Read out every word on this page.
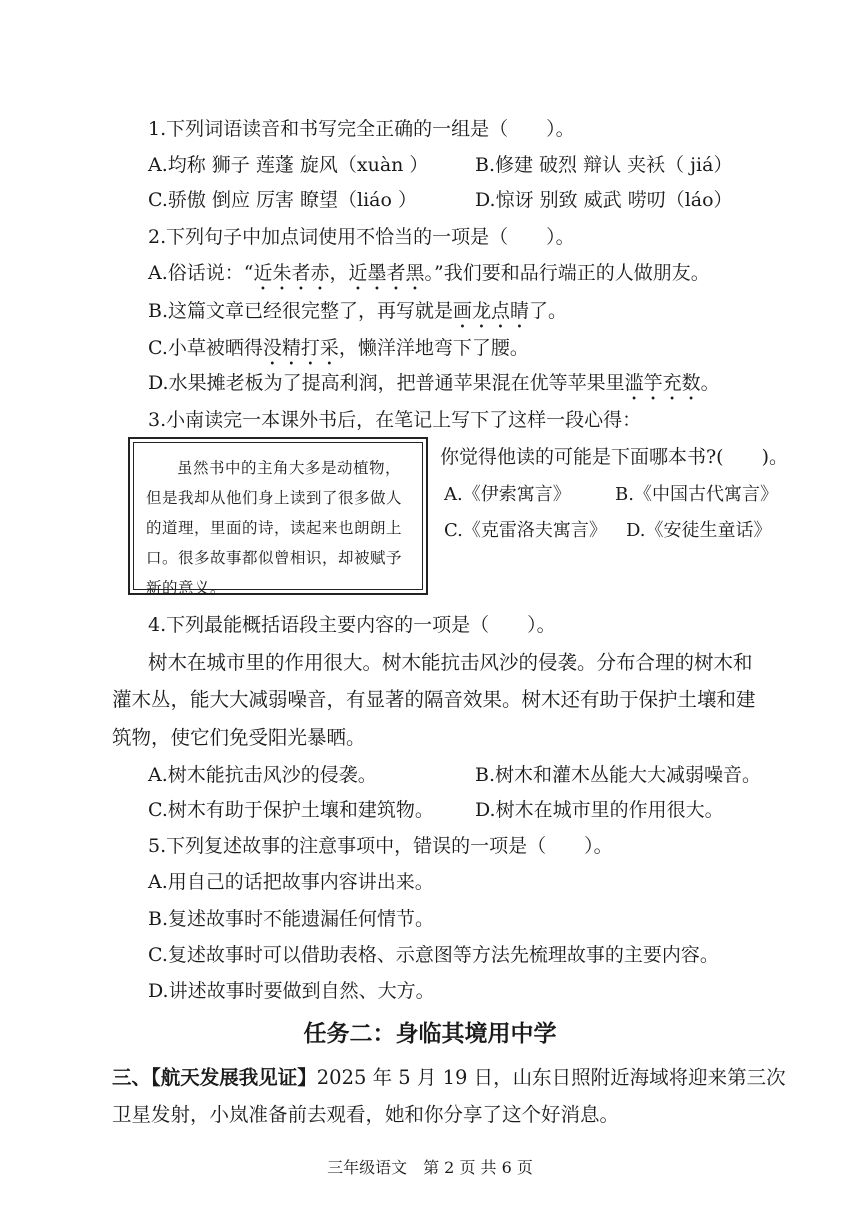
1.下列词语读音和书写完全正确的一组是（　　）。
A.均称 狮子 莲蓬 旋风（xuàn ） B.修建 破烈 辩认 夹袄（ jiá）
C.骄傲 倒应 厉害 瞭望（liáo ）	D.惊讶 别致 威武 唠叨（láo）
2.下列句子中加点词使用不恰当的一项是（　　）。
A.俗话说：“近朱者赤，近墨者黑。”我们要和品行端正的人做朋友。
B.这篇文章已经很完整了，再写就是画龙点睛了。
C.小草被晒得没精打采，懒洋洋地弯下了腰。
D.水果摊老板为了提高利润，把普通苹果混在优等苹果里滥竽充数。
3.小南读完一本课外书后，在笔记上写下了这样一段心得：
虽然书中的主角大多是动植物，但是我却从他们身上读到了很多做人的道理，里面的诗，读起来也朗朗上口。很多故事都似曾相识，却被赋予新的意义。
你觉得他读的可能是下面哪本书?(　　)。
A.《伊索寓言》 B.《中国古代寓言》
C.《克雷洛夫寓言》 D.《安徒生童话》
4.下列最能概括语段主要内容的一项是（　　）。
树木在城市里的作用很大。树木能抗击风沙的侵袭。分布合理的树木和
灌木丛，能大大减弱噪音，有显著的隔音效果。树木还有助于保护土壤和建
筑物，使它们免受阳光暴晒。
A.树木能抗击风沙的侵袭。	B.树木和灌木丛能大大减弱噪音。
C.树木有助于保护土壤和建筑物。 D.树木在城市里的作用很大。
5.下列复述故事的注意事项中，错误的一项是（　　）。
A.用自己的话把故事内容讲出来。
B.复述故事时不能遗漏任何情节。
C.复述故事时可以借助表格、示意图等方法先梳理故事的主要内容。
D.讲述故事时要做到自然、大方。
任务二：身临其境用中学
三、【航天发展我见证】2025 年 5 月 19 日，山东日照附近海域将迎来第三次
卫星发射，小岚准备前去观看，她和你分享了这个好消息。
三年级语文　第 2 页 共 6 页
